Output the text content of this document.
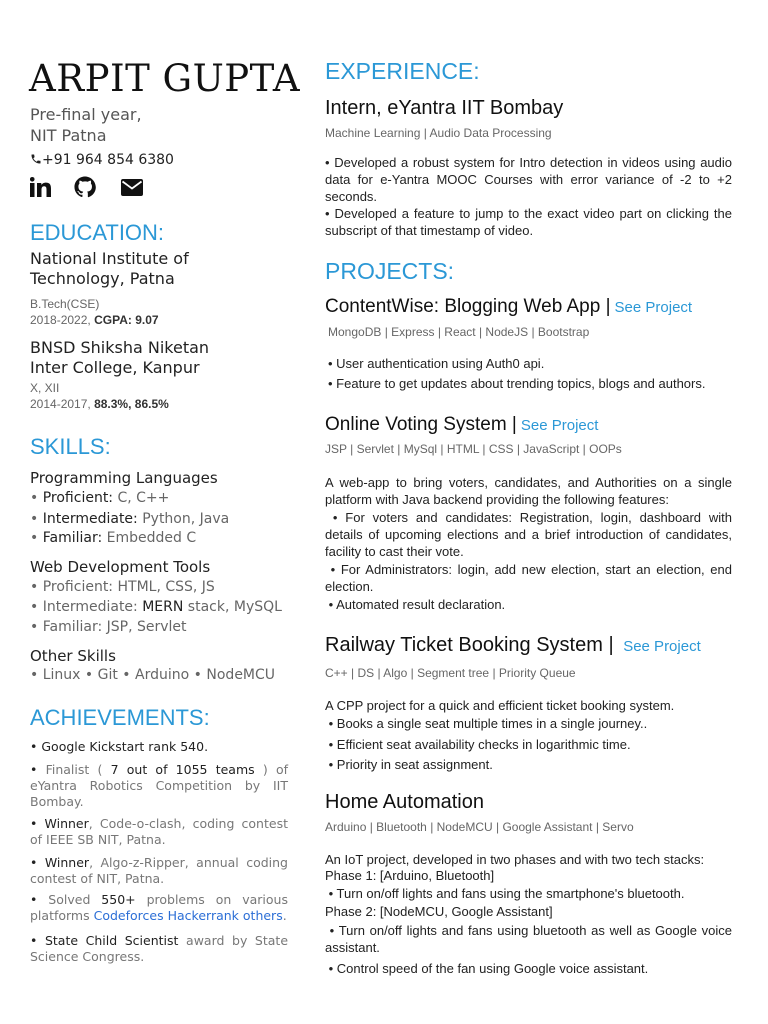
ARPIT GUPTA
Pre-final year,
NIT Patna
+91 964 854 6380
EDUCATION:
National Institute of
Technology, Patna
B.Tech(CSE)
2018-2022, CGPA: 9.07
BNSD Shiksha Niketan
Inter College, Kanpur
X, XII
2014-2017, 88.3%, 86.5%
SKILLS:
Programming Languages
• Proficient: C, C++
• Intermediate: Python, Java
• Familiar: Embedded C
Web Development Tools
• Proficient: HTML, CSS, JS
• Intermediate: MERN stack, MySQL
• Familiar: JSP, Servlet
Other Skills
• Linux • Git • Arduino • NodeMCU
ACHIEVEMENTS:
• Google Kickstart rank 540.
• Finalist ( 7 out of 1055 teams ) of eYantra Robotics Competition by IIT Bombay.
• Winner, Code-o-clash, coding contest of IEEE SB NIT, Patna.
• Winner, Algo-z-Ripper, annual coding contest of NIT, Patna.
• Solved 550+ problems on various platforms Codeforces Hackerrank others.
• State Child Scientist award by State Science Congress.
EXPERIENCE:
Intern, eYantra IIT Bombay
Machine Learning | Audio Data Processing
• Developed a robust system for Intro detection in videos using audio data for e-Yantra MOOC Courses with error variance of -2 to +2 seconds.
• Developed a feature to jump to the exact video part on clicking the subscript of that timestamp of video.
PROJECTS:
ContentWise: Blogging Web App | See Project
MongoDB | Express | React | NodeJS | Bootstrap
• User authentication using Auth0 api.
• Feature to get updates about trending topics, blogs and authors.
Online Voting System | See Project
JSP | Servlet | MySql | HTML | CSS | JavaScript | OOPs
A web-app to bring voters, candidates, and Authorities on a single platform with Java backend providing the following features:
• For voters and candidates: Registration, login, dashboard with details of upcoming elections and a brief introduction of candidates, facility to cast their vote.
• For Administrators: login, add new election, start an election, end election.
• Automated result declaration.
Railway Ticket Booking System | See Project
C++ | DS | Algo | Segment tree | Priority Queue
A CPP project for a quick and efficient ticket booking system.
• Books a single seat multiple times in a single journey..
• Efficient seat availability checks in logarithmic time.
• Priority in seat assignment.
Home Automation
Arduino | Bluetooth | NodeMCU | Google Assistant | Servo
An IoT project, developed in two phases and with two tech stacks:
Phase 1: [Arduino, Bluetooth]
• Turn on/off lights and fans using the smartphone's bluetooth.
Phase 2: [NodeMCU, Google Assistant]
• Turn on/off lights and fans using bluetooth as well as Google voice assistant.
• Control speed of the fan using Google voice assistant.
